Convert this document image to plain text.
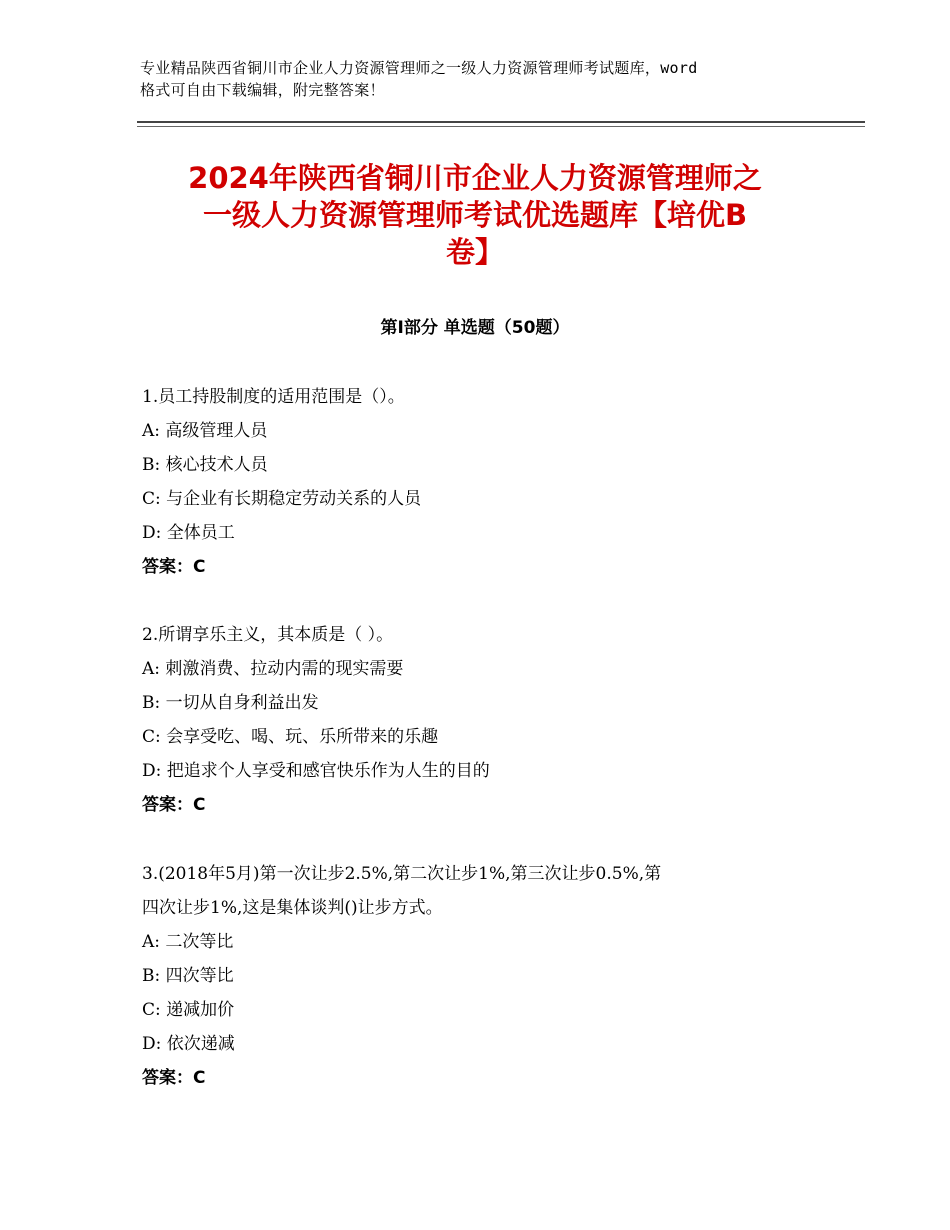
专业精品陕西省铜川市企业人力资源管理师之一级人力资源管理师考试题库，word
格式可自由下载编辑，附完整答案！
2024年陕西省铜川市企业人力资源管理师之
一级人力资源管理师考试优选题库【培优B
卷】
第Ⅰ部分 单选题（50题）
1.员工持股制度的适用范围是（）。
A: 高级管理人员
B: 核心技术人员
C: 与企业有长期稳定劳动关系的人员
D: 全体员工
答案：C
2.所谓享乐主义，其本质是（ ）。
A: 刺激消费、拉动内需的现实需要
B: 一切从自身利益出发
C: 会享受吃、喝、玩、乐所带来的乐趣
D: 把追求个人享受和感官快乐作为人生的目的
答案：C
3.(2018年5月)第一次让步2.5%,第二次让步1%,第三次让步0.5%,第
四次让步1%,这是集体谈判()让步方式。
A: 二次等比
B: 四次等比
C: 递减加价
D: 依次递减
答案：C
